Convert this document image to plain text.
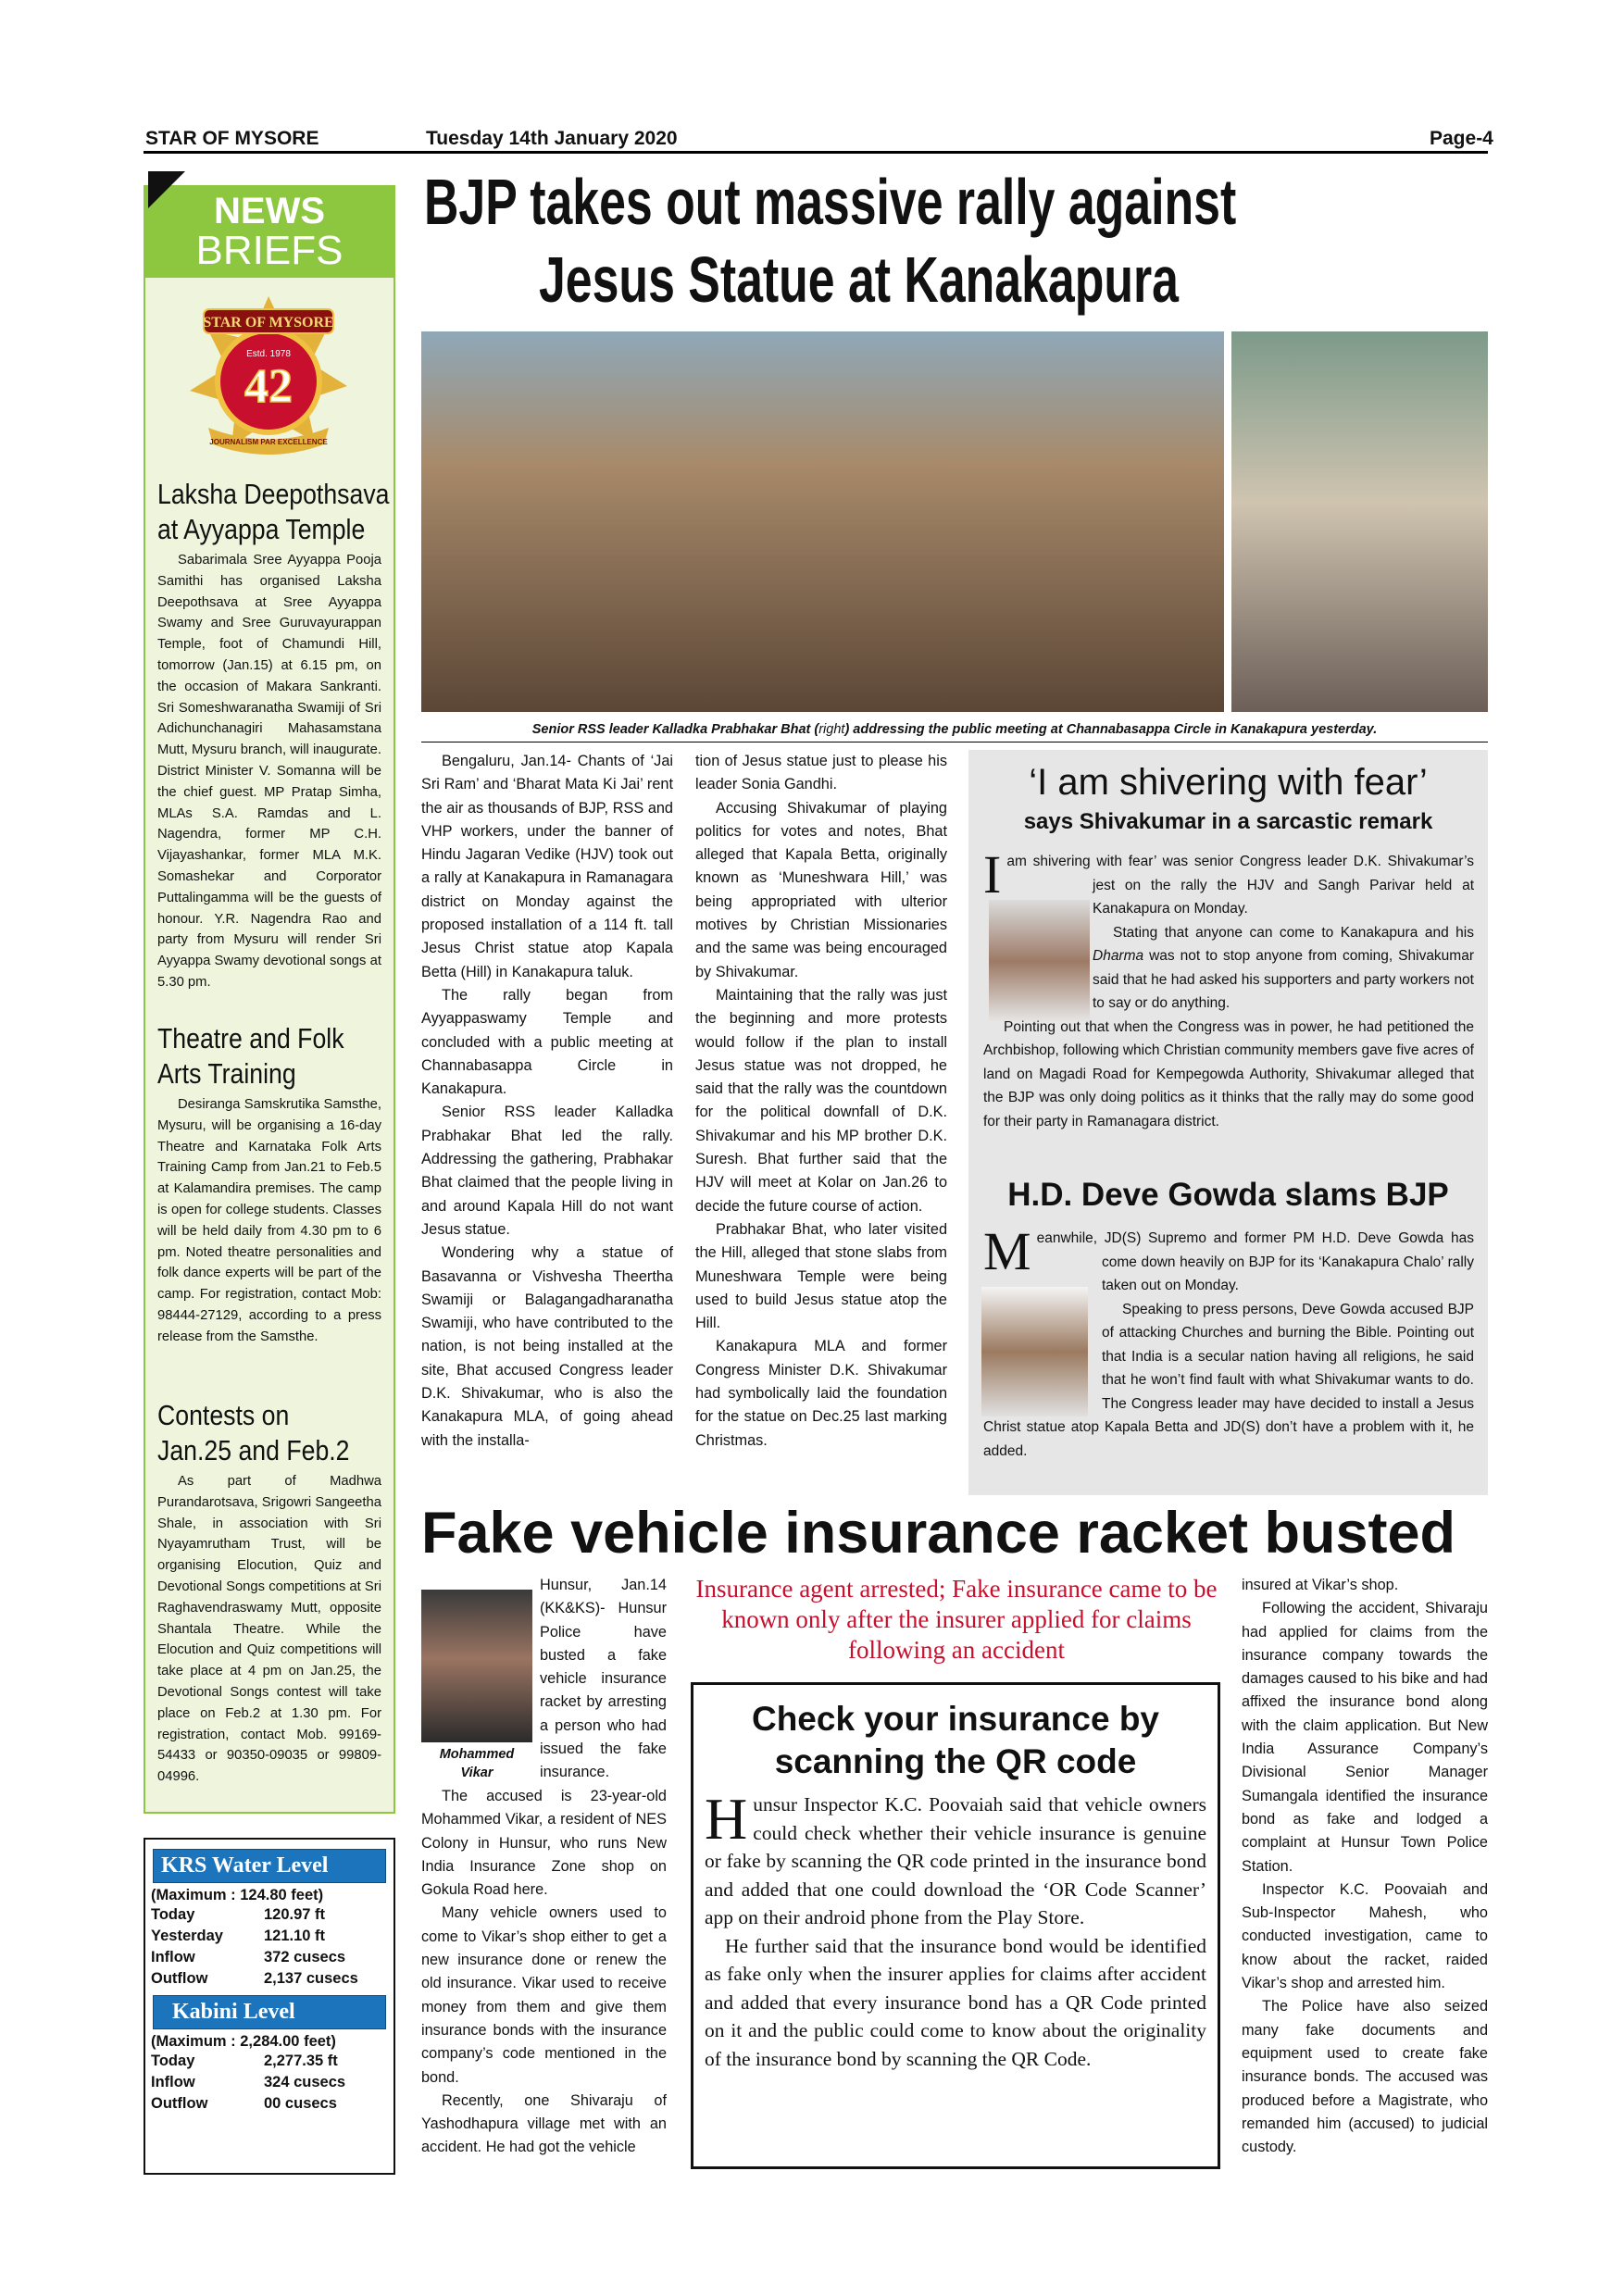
STAR OF MYSORE	Tuesday 14th January 2020	Page-4
NEWS
BRIEFS
STAR OF MYSORE
Estd. 1978
42
JOURNALISM PAR EXCELLENCE
Laksha Deepothsava
at Ayyappa Temple

Sabarimala Sree Ayyappa Pooja Samithi has organised Laksha Deepothsava at Sree Ayyappa Swamy and Sree Guruvayurappan Temple, foot of Chamundi Hill, tomorrow (Jan.15) at 6.15 pm, on the occasion of Makara Sankranti. Sri Someshwaranatha Swamiji of Sri Adichunchanagiri Mahasamstana Mutt, Mysuru branch, will inaugurate. District Minister V. Somanna will be the chief guest. MP Pratap Simha, MLAs S.A. Ramdas and L. Nagendra, former MP C.H. Vijayashankar, former MLA M.K. Somashekar and Corporator Puttalingamma will be the guests of honour. Y.R. Nagendra Rao and party from Mysuru will render Sri Ayyappa Swamy devotional songs at 5.30 pm.

Theatre and Folk
Arts Training

Desiranga Samskrutika Samsthe, Mysuru, will be organising a 16-day Theatre and Karnataka Folk Arts Training Camp from Jan.21 to Feb.5 at Kalamandira premises. The camp is open for college students. Classes will be held daily from 4.30 pm to 6 pm. Noted theatre personalities and folk dance experts will be part of the camp. For registration, contact Mob: 98444-27129, according to a press release from the Samsthe.

Contests on
Jan.25 and Feb.2

As part of Madhwa Purandarotsava, Srigowri Sangeetha Shale, in association with Sri Nyayamrutham Trust, will be organising Elocution, Quiz and Devotional Songs competitions at Sri Raghavendraswamy Mutt, opposite Shantala Theatre. While the Elocution and Quiz competitions will take place at 4 pm on Jan.25, the Devotional Songs contest will take place on Feb.2 at 1.30 pm. For registration, contact Mob. 99169-54433 or 90350-09035 or 99809-04996.

KRS Water Level
(Maximum : 124.80 feet)
Today	120.97 ft
Yesterday	121.10 ft
Inflow	372 cusecs
Outflow	2,137 cusecs
Kabini Level
(Maximum : 2,284.00 feet)
Today	2,277.35 ft
Inflow	324 cusecs
Outflow	00 cusecs
BJP takes out massive rally against
Jesus Statue at Kanakapura
Senior RSS leader Kalladka Prabhakar Bhat (right) addressing the public meeting at Channabasappa Circle in Kanakapura yesterday.

Bengaluru, Jan.14- Chants of ‘Jai Sri Ram’ and ‘Bharat Mata Ki Jai’ rent the air as thousands of BJP, RSS and VHP workers, under the banner of Hindu Jagaran Vedike (HJV) took out a rally at Kanakapura in Ramanagara district on Monday against the proposed installation of a 114 ft. tall Jesus Christ statue atop Kapala Betta (Hill) in Kanakapura taluk.

The rally began from Ayyappaswamy Temple and concluded with a public meeting at Channabasappa Circle in Kanakapura.

Senior RSS leader Kalladka Prabhakar Bhat led the rally. Addressing the gathering, Prabhakar Bhat claimed that the people living in and around Kapala Hill do not want Jesus statue.

Wondering why a statue of Basavanna or Vishvesha Theertha Swamiji or Balagangadharanatha Swamiji, who have contributed to the nation, is not being installed at the site, Bhat accused Congress leader D.K. Shivakumar, who is also the Kanakapura MLA, of going ahead with the installa-

tion of Jesus statue just to please his leader Sonia Gandhi.

Accusing Shivakumar of playing politics for votes and notes, Bhat alleged that Kapala Betta, originally known as ‘Muneshwara Hill,’ was being appropriated with ulterior motives by Christian Missionaries and the same was being encouraged by Shivakumar.

Maintaining that the rally was just the beginning and more protests would follow if the plan to install Jesus statue was not dropped, he said that the rally was the countdown for the political downfall of D.K. Shivakumar and his MP brother D.K. Suresh. Bhat further said that the HJV will meet at Kolar on Jan.26 to decide the future course of action.

Prabhakar Bhat, who later visited the Hill, alleged that stone slabs from Muneshwara Temple were being used to build Jesus statue atop the Hill.

Kanakapura MLA and former Congress Minister D.K. Shivakumar had symbolically laid the foundation for the statue on Dec.25 last marking Christmas.

‘I am shivering with fear’
says Shivakumar in a sarcastic remark
I am shivering with fear’ was senior Congress leader D.K. Shivakumar’s jest on the rally the HJV and Sangh Parivar held at Kanakapura on Monday.

Stating that anyone can come to Kanakapura and his Dharma was not to stop anyone from coming, Shivakumar said that he had asked his supporters and party workers not to say or do anything.

Pointing out that when the Congress was in power, he had petitioned the Archbishop, following which Christian community members gave five acres of land on Magadi Road for Kempegowda Authority, Shivakumar alleged that the BJP was only doing politics as it thinks that the rally may do some good for their party in Ramanagara district.

H.D. Deve Gowda slams BJP
M eanwhile, JD(S) Supremo and former PM H.D. Deve Gowda has come down heavily on BJP for its ‘Kanakapura Chalo’ rally taken out on Monday.

Speaking to press persons, Deve Gowda accused BJP of attacking Churches and burning the Bible. Pointing out that India is a secular nation having all religions, he said that he won’t find fault with what Shivakumar wants to do. The Congress leader may have decided to install a Jesus Christ statue atop Kapala Betta and JD(S) don’t have a problem with it, he added.

Fake vehicle insurance racket busted
Mohammed
Vikar

Hunsur, Jan.14 (KK&KS)- Hunsur Police have busted a fake vehicle insurance racket by arresting a person who had issued the fake insurance.

The accused is 23-year-old Mohammed Vikar, a resident of NES Colony in Hunsur, who runs New India Insurance Zone shop on Gokula Road here.

Many vehicle owners used to come to Vikar’s shop either to get a new insurance done or renew the old insurance. Vikar used to receive money from them and give them insurance bonds with the insurance company’s code mentioned in the bond.

Recently, one Shivaraju of Yashodhapura village met with an accident. He had got the vehicle

Insurance agent arrested; Fake insurance came to be known only after the insurer applied for claims following an accident
Check your insurance by scanning the QR code
H unsur Inspector K.C. Poovaiah said that vehicle owners could check whether their vehicle insurance is genuine or fake by scanning the QR code printed in the insurance bond and added that one could download the ‘OR Code Scanner’ app on their android phone from the Play Store.

He further said that the insurance bond would be identified as fake only when the insurer applies for claims after accident and added that every insurance bond has a QR Code printed on it and the public could come to know about the originality of the insurance bond by scanning the QR Code.

insured at Vikar’s shop.

Following the accident, Shivaraju had applied for claims from the insurance company towards the damages caused to his bike and had affixed the insurance bond along with the claim application. But New India Assurance Company’s Divisional Senior Manager Sumangala identified the insurance bond as fake and lodged a complaint at Hunsur Town Police Station.

Inspector K.C. Poovaiah and Sub-Inspector Mahesh, who conducted investigation, came to know about the racket, raided Vikar’s shop and arrested him.

The Police have also seized many fake documents and equipment used to create fake insurance bonds. The accused was produced before a Magistrate, who remanded him (accused) to judicial custody.
